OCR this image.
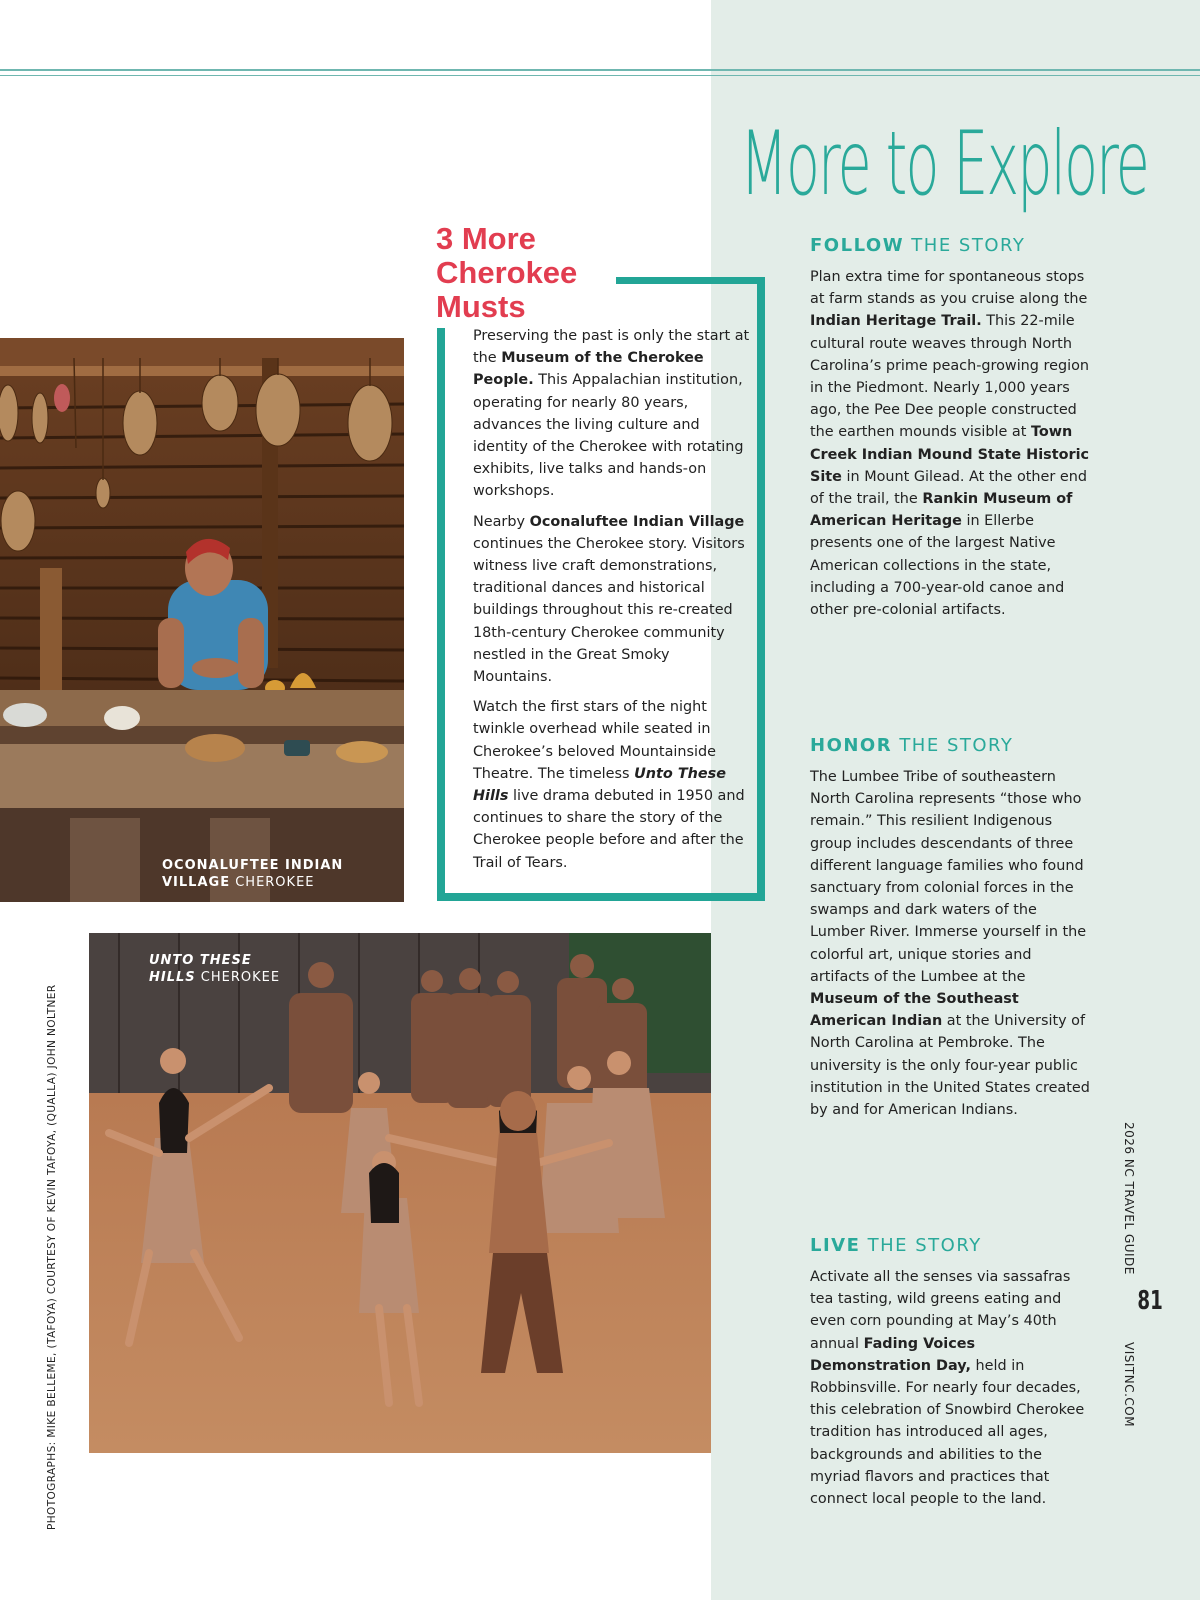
More to Explore
3 More
Cherokee
Musts

Preserving the past is only the start at the Museum of the Cherokee People. This Appalachian institution, operating for nearly 80 years, advances the living culture and identity of the Cherokee with rotating exhibits, live talks and hands-on workshops.

Nearby Oconaluftee Indian Village continues the Cherokee story. Visitors witness live craft demonstrations, traditional dances and historical buildings throughout this re-created 18th-century Cherokee community nestled in the Great Smoky Mountains.

Watch the first stars of the night twinkle overhead while seated in Cherokee’s beloved Mountainside Theatre. The timeless Unto These Hills live drama debuted in 1950 and continues to share the story of the Cherokee people before and after the Trail of Tears.

FOLLOW THE STORY

Plan extra time for spontaneous stops at farm stands as you cruise along the Indian Heritage Trail. This 22-mile cultural route weaves through North Carolina’s prime peach-growing region in the Piedmont. Nearly 1,000 years ago, the Pee Dee people constructed the earthen mounds visible at Town Creek Indian Mound State Historic Site in Mount Gilead. At the other end of the trail, the Rankin Museum of American Heritage in Ellerbe presents one of the largest Native American collections in the state, including a 700-year-old canoe and other pre-colonial artifacts.

HONOR THE STORY

The Lumbee Tribe of southeastern North Carolina represents “those who remain.” This resilient Indigenous group includes descendants of three different language families who found sanctuary from colonial forces in the swamps and dark waters of the Lumber River. Immerse yourself in the colorful art, unique stories and artifacts of the Lumbee at the Museum of the Southeast American Indian at the University of North Carolina at Pembroke. The university is the only four-year public institution in the United States created by and for American Indians.

LIVE THE STORY

Activate all the senses via sassafras tea tasting, wild greens eating and even corn pounding at May’s 40th annual Fading Voices Demonstration Day, held in Robbinsville. For nearly four decades, this celebration of Snowbird Cherokee tradition has introduced all ages, backgrounds and abilities to the myriad flavors and practices that connect local people to the land.

OCONALUFTEE INDIAN
VILLAGE CHEROKEE
UNTO THESE
HILLS CHEROKEE
PHOTOGRAPHS: MIKE BELLEME, (TAFOYA) COURTESY OF KEVIN TAFOYA, (QUALLA) JOHN NOLTNER	2026 NC TRAVEL GUIDE
81
VISITNC.COM
